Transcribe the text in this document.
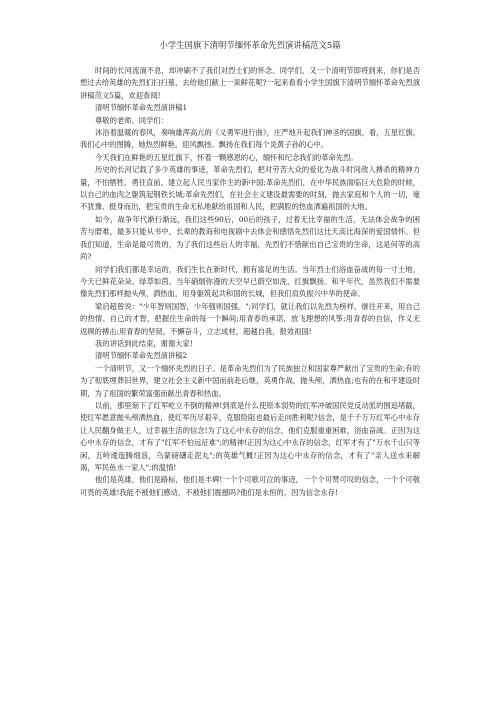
小学生国旗下清明节缅怀革命先烈演讲稿范文5篇

时间的长河流淌不息，却冲刷不了我们对烈士们的怀念。同学们，又一个清明节即将到来，你们是否想过去给英雄的先烈们扫扫墓，去给他们献上一束鲜花呢?一起来看看小学生国旗下清明节缅怀革命先烈演讲稿范文5篇，欢迎查阅!

清明节缅怀革命先烈演讲稿1

尊敬的老师、同学们：

沐浴着温暖的春风，奏响雄浑高亢的《义勇军进行曲》，庄严地升起我们神圣的国旗，看，五星红旗，我们心中的图腾，她热烈鲜艳，迎风飘扬。飘扬在我们每个炎黄子孙的心中。

今天我们在鲜艳的五星红旗下，怀着一颗感恩的心，缅怀和纪念我们的革命先烈。

历史的长河记载了多少英雄的事迹，革命先烈们，把对劳苦大众的爱化为战斗时间敌人搏杀的精神力量，不怕牺牲、勇往直前，建立起人民当家作主的新中国;革命先烈们，在中华民族面临巨大危险的时候，以自己的血肉之躯筑起钢铁长城;革命先烈们，在社会主义建设最需要的时刻，抛去家庭和个人的一切，毫不犹豫、挺身而出，把宝贵的生命无私地献给祖国和人民，把满腔的热血洒遍祖国的大地。

如今，战争年代渐行渐远，我们这些90后，00后的孩子，过着无比幸福的生活，无法体会战争的困苦与磨难，最多只能从书中，长辈的教诲和电视剧中去体会和感悟先烈们这比天高比海深的爱国情怀。但我们知道，生命是最可贵的，为了我们这些后人的幸福，先烈们不惜献出自己宝贵的生命，这是何等的高尚?

同学们我们都是幸运的，我们生长在新时代，拥有富足的生活。当年烈士们浴血奋战的每一寸土地，今天已鲜花朵朵、绿草如茵。当年硝烟弥漫的天空早已蔚空如洗、红旗飘扬。和平年代，虽然我们不需要像先烈们那样抛头颅、洒热血，用身躯筑起共和国的长城，但我们肩负振兴中华的使命。

梁启超曾说："少年智则国智，少年强则国强。";同学们，就让我们以先烈为榜样，继往开来，用自己的热情、自己的才智，把握住生命的每一个瞬间;用青春的承诺，放飞理想的风筝;用青春的自信，作义无返顾的搏击;用青春的坚韧，不懈奋斗，立志成材，超越自我，报效祖国!

我的讲话到此结束，谢谢大家!

清明节缅怀革命先烈演讲稿2

一个清明节，又一个缅怀先烈的日子。是革命先烈们为了民族独立和国家尊严献出了宝贵的生命;有的为了彻底埋葬旧世界，建立社会主义新中国而前赴后继，英勇作战，抛头颅，洒热血;也有的在和平建设时期，为了祖国的繁荣富强而献出青春和热血。

以前，那里刻下了红军屹立不倒的精神!到底是什么使原本弱势的红军冲破国民党反动派的围追堵截，使红军愿意抛头颅洒热血，使红军历尽艰辛，克服险阻也最后走向胜利呢?信念，是千千万万红军心中永存让人民翻身做主人，过幸福生活的信念!为了这心中永存的信念，他们克服重重困难，浴血奋战。正因为这心中永存的信念，才有了"红军不怕远征难";的精神!正因为这心中永存的信念，红军才有了"万水千山只等闲，五岭逶迤腾细浪，乌蒙磅礴走泥丸";的英雄气概!正因为这心中永存的信念，才有了"亲人送水来解渴，军民鱼水一家人";的温情!

他们是英雄，他们是路标，他们是丰碑!一个个可歌可泣的事迹，一个个可赞可叹的信念，一个个可敬可畏的英雄!我能不被他们感动，不被他们震撼吗?他们是永恒的，因为信念永存!
